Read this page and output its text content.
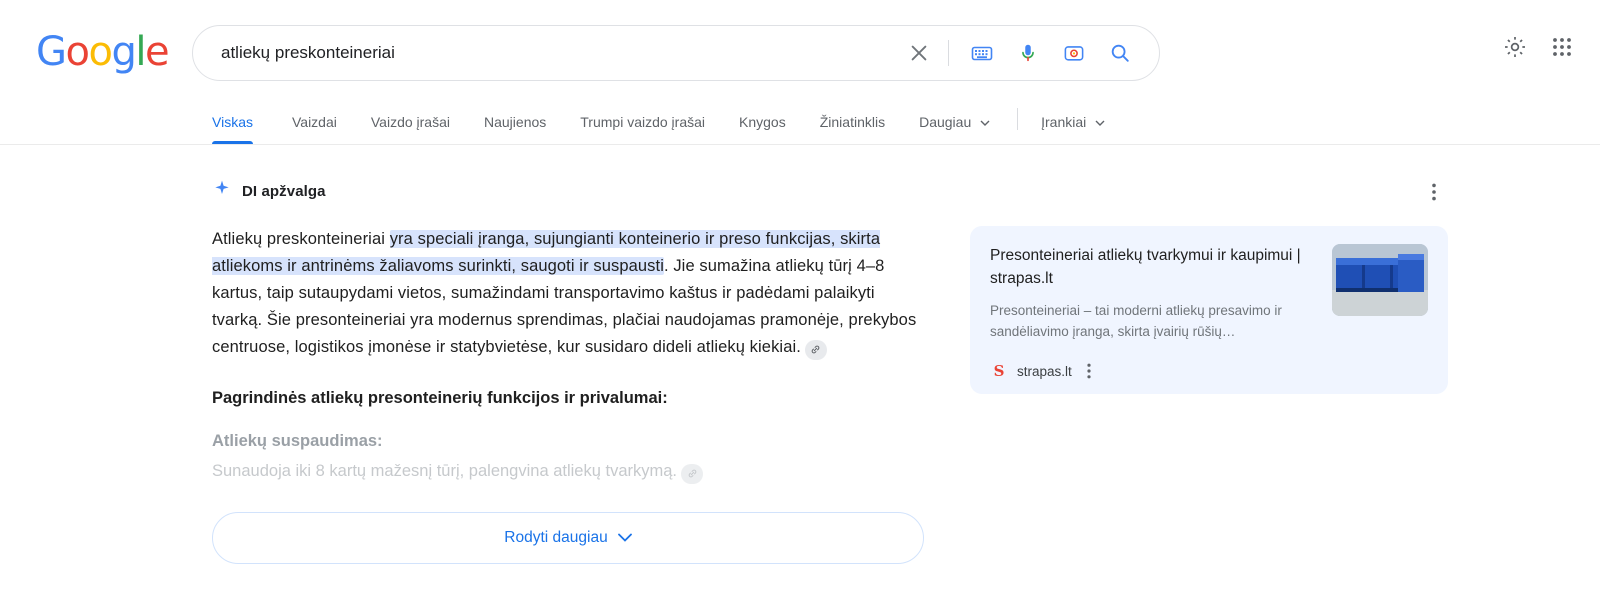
Google
atliekų preskonteineriai
Viskas	Vaizdai	Vaizdo įrašai	Naujienos	Trumpi vaizdo įrašai	Knygos	Žiniatinklis	Daugiau	Įrankiai
DI apžvalga
Atliekų preskonteineriai yra speciali įranga, sujungianti konteinerio ir preso funkcijas, skirta atliekoms ir antrinėms žaliavoms surinkti, saugoti ir suspausti. Jie sumažina atliekų tūrį 4–8 kartus, taip sutaupydami vietos, sumažindami transportavimo kaštus ir padėdami palaikyti tvarką. Šie presonteineriai yra modernus sprendimas, plačiai naudojamas pramonėje, prekybos centruose, logistikos įmonėse ir statybvietėse, kur susidaro dideli atliekų kiekiai.
Pagrindinės atliekų presonteinerių funkcijos ir privalumai:
Atliekų suspaudimas:
Sunaudoja iki 8 kartų mažesnį tūrį, palengvina atliekų tvarkymą.
Rodyti daugiau
Presonteineriai atliekų tvarkymui ir kaupimui | strapas.lt
Presonteineriai – tai moderni atliekų presavimo ir sandėliavimo įranga, skirta įvairių rūšių…
S strapas.lt
